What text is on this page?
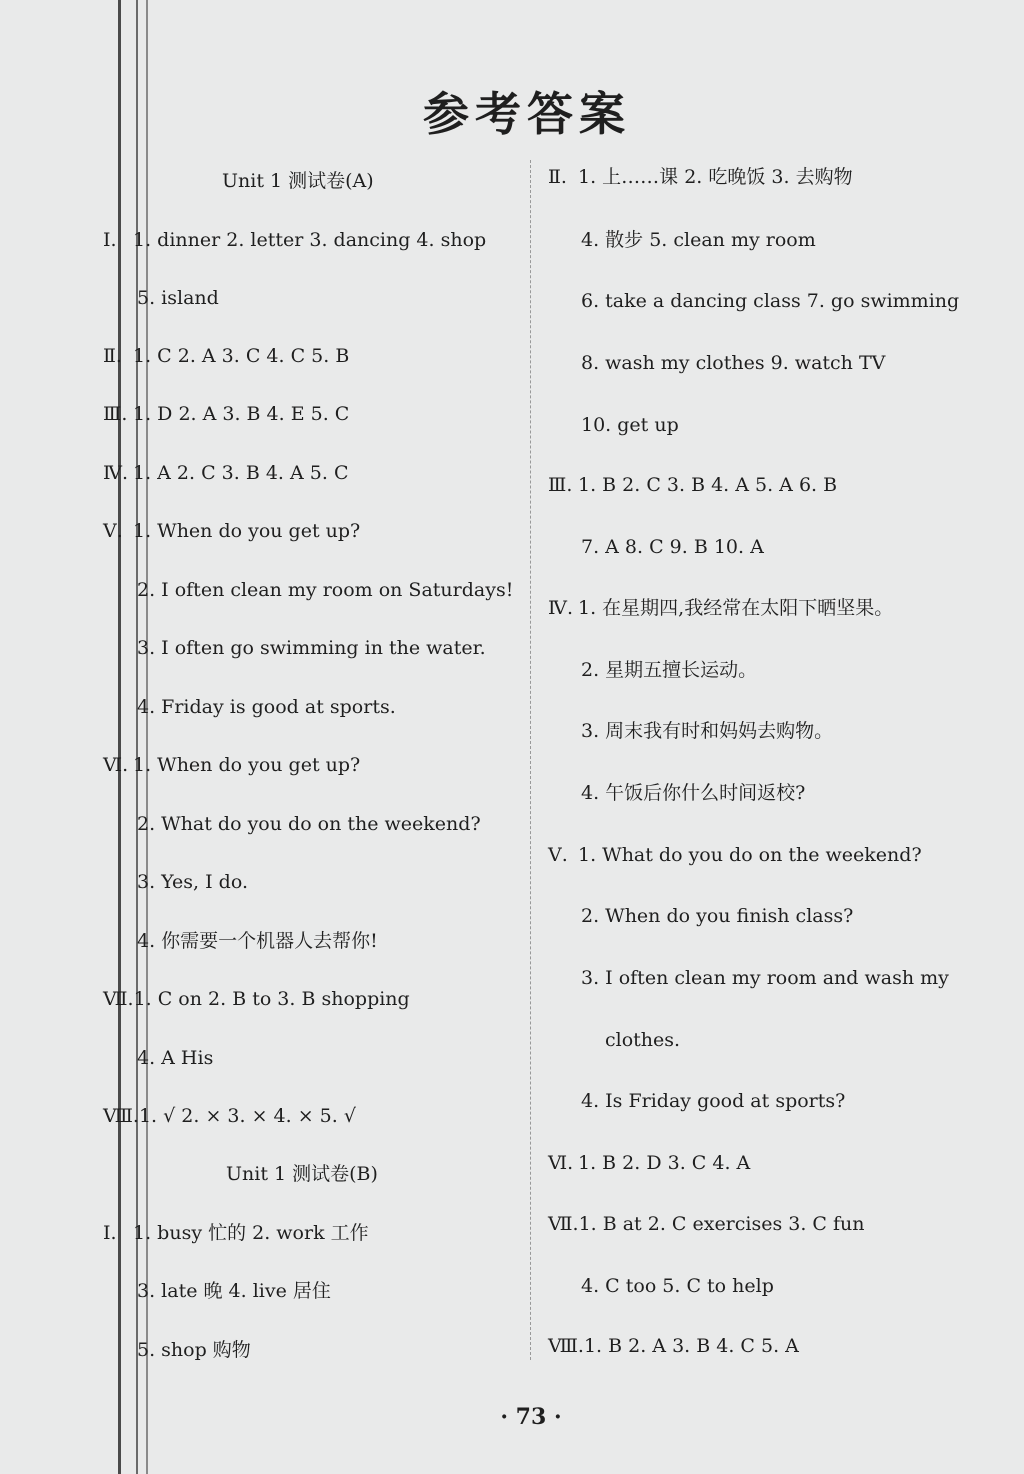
参考答案
Unit 1 测试卷(A)
Ⅰ. 1. dinner 2. letter 3. dancing 4. shop
5. island
Ⅱ. 1. C 2. A 3. C 4. C 5. B
Ⅲ. 1. D 2. A 3. B 4. E 5. C
Ⅳ. 1. A 2. C 3. B 4. A 5. C
Ⅴ. 1. When do you get up?
2. I often clean my room on Saturdays!
3. I often go swimming in the water.
4. Friday is good at sports.
Ⅵ. 1. When do you get up?
2. What do you do on the weekend?
3. Yes, I do.
4. 你需要一个机器人去帮你!
Ⅶ.1. C on 2. B to 3. B shopping
4. A His
Ⅷ.1. √ 2. × 3. × 4. × 5. √
Unit 1 测试卷(B)
Ⅰ. 1. busy 忙的 2. work 工作
3. late 晚 4. live 居住
5. shop 购物
Ⅱ. 1. 上……课 2. 吃晚饭 3. 去购物
4. 散步 5. clean my room
6. take a dancing class 7. go swimming
8. wash my clothes 9. watch TV
10. get up
Ⅲ. 1. B 2. C 3. B 4. A 5. A 6. B
7. A 8. C 9. B 10. A
Ⅳ. 1. 在星期四,我经常在太阳下晒坚果。
2. 星期五擅长运动。
3. 周末我有时和妈妈去购物。
4. 午饭后你什么时间返校?
Ⅴ. 1. What do you do on the weekend?
2. When do you finish class?
3. I often clean my room and wash my
clothes.
4. Is Friday good at sports?
Ⅵ. 1. B 2. D 3. C 4. A
Ⅶ.1. B at 2. C exercises 3. C fun
4. C too 5. C to help
Ⅷ.1. B 2. A 3. B 4. C 5. A
· 73 ·
